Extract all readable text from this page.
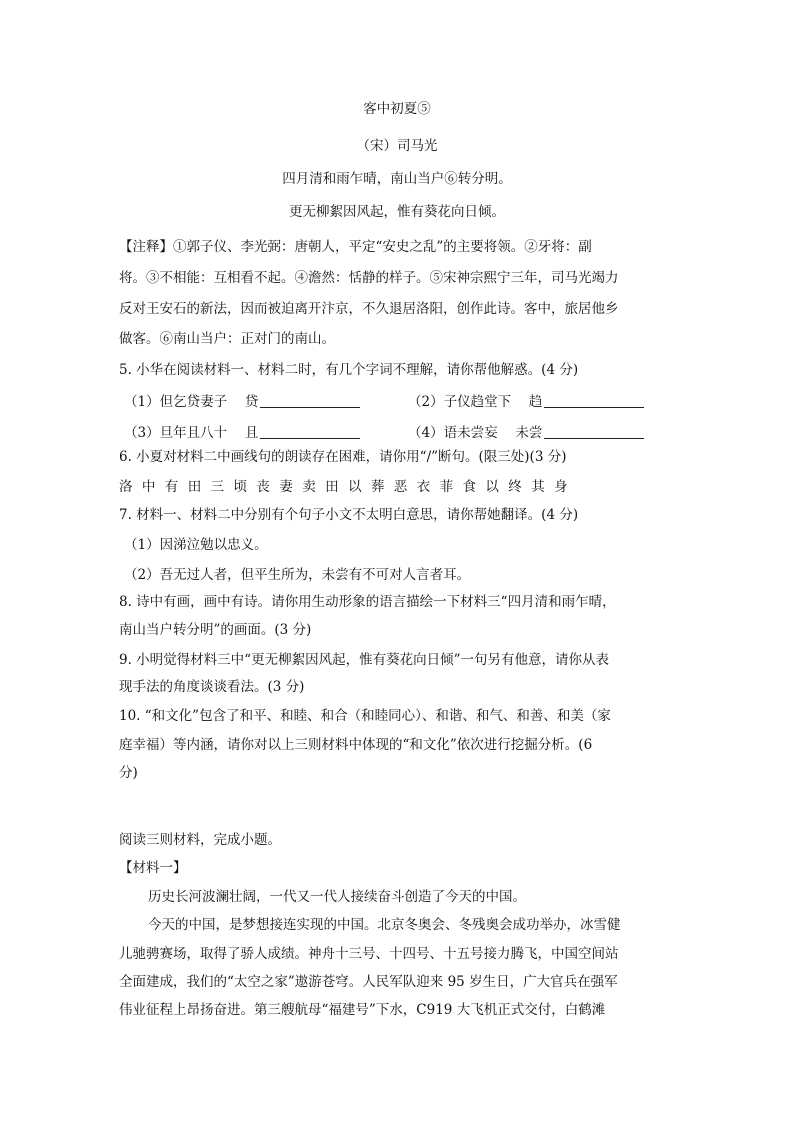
客中初夏⑤
（宋）司马光
四月清和雨乍晴，南山当户⑥转分明。
更无柳絮因风起，惟有葵花向日倾。
【注释】①郭子仪、李光弼：唐朝人，平定“安史之乱”的主要将领。②牙将：副
将。③不相能：互相看不起。④澹然：恬静的样子。⑤宋神宗熙宁三年，司马光竭力
反对王安石的新法，因而被迫离开汴京，不久退居洛阳，创作此诗。客中，旅居他乡
做客。⑥南山当户：正对门的南山。
5. 小华在阅读材料一、材料二时，有几个字词不理解，请你帮他解惑。(4 分)
（1）但乞贷妻子　 贷	（2）子仪趋堂下　 趋
（3）旦年且八十　 且	（4）语未尝妄　 未尝
6. 小夏对材料二中画线句的朗读存在困难，请你用“/”断句。(限三处)(3 分)
洛中有田三顷丧妻卖田以葬恶衣菲食以终其身
7. 材料一、材料二中分别有个句子小文不太明白意思，请你帮她翻译。(4 分)
（1）因涕泣勉以忠义。
（2）吾无过人者，但平生所为，未尝有不可对人言者耳。
8. 诗中有画，画中有诗。请你用生动形象的语言描绘一下材料三“四月清和雨乍晴，
南山当户转分明”的画面。(3 分)
9. 小明觉得材料三中“更无柳絮因风起，惟有葵花向日倾”一句另有他意，请你从表
现手法的角度谈谈看法。(3 分)
10. “和文化”包含了和平、和睦、和合（和睦同心）、和谐、和气、和善、和美（家
庭幸福）等内涵，请你对以上三则材料中体现的“和文化”依次进行挖掘分析。(6
分)
阅读三则材料，完成小题。
【材料一】
历史长河波澜壮阔，一代又一代人接续奋斗创造了今天的中国。
今天的中国，是梦想接连实现的中国。北京冬奥会、冬残奥会成功举办，冰雪健
儿驰骋赛场，取得了骄人成绩。神舟十三号、十四号、十五号接力腾飞，中国空间站
全面建成，我们的“太空之家”遨游苍穹。人民军队迎来 95 岁生日，广大官兵在强军
伟业征程上昂扬奋进。第三艘航母“福建号”下水，C919 大飞机正式交付，白鹤滩
